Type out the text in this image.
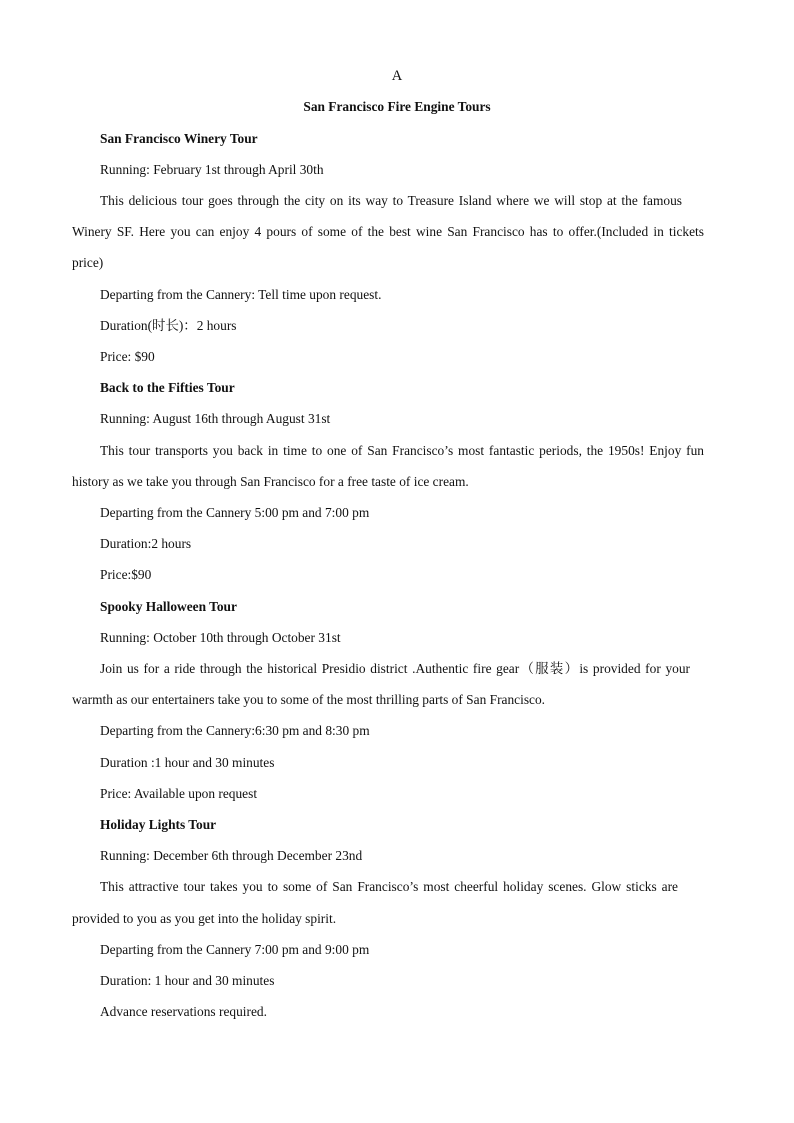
A

San Francisco Fire Engine Tours

San Francisco Winery Tour

Running: February 1st through April 30th

This delicious tour goes through the city on its way to Treasure Island where we will stop at the famous

Winery SF. Here you can enjoy 4 pours of some of the best wine San Francisco has to offer.(Included in tickets

price)

Departing from the Cannery: Tell time upon request.

Duration(时长)：2 hours

Price: $90

Back to the Fifties Tour

Running: August 16th through August 31st

This tour transports you back in time to one of San Francisco’s most fantastic periods, the 1950s! Enjoy fun

history as we take you through San Francisco for a free taste of ice cream.

Departing from the Cannery 5:00 pm and 7:00 pm

Duration:2 hours

Price:$90

Spooky Halloween Tour

Running: October 10th through October 31st

Join us for a ride through the historical Presidio district .Authentic fire gear（服装）is provided for your

warmth as our entertainers take you to some of the most thrilling parts of San Francisco.

Departing from the Cannery:6:30 pm and 8:30 pm

Duration :1 hour and 30 minutes

Price: Available upon request

Holiday Lights Tour

Running: December 6th through December 23nd

This attractive tour takes you to some of San Francisco’s most cheerful holiday scenes. Glow sticks are

provided to you as you get into the holiday spirit.

Departing from the Cannery 7:00 pm and 9:00 pm

Duration: 1 hour and 30 minutes

Advance reservations required.
